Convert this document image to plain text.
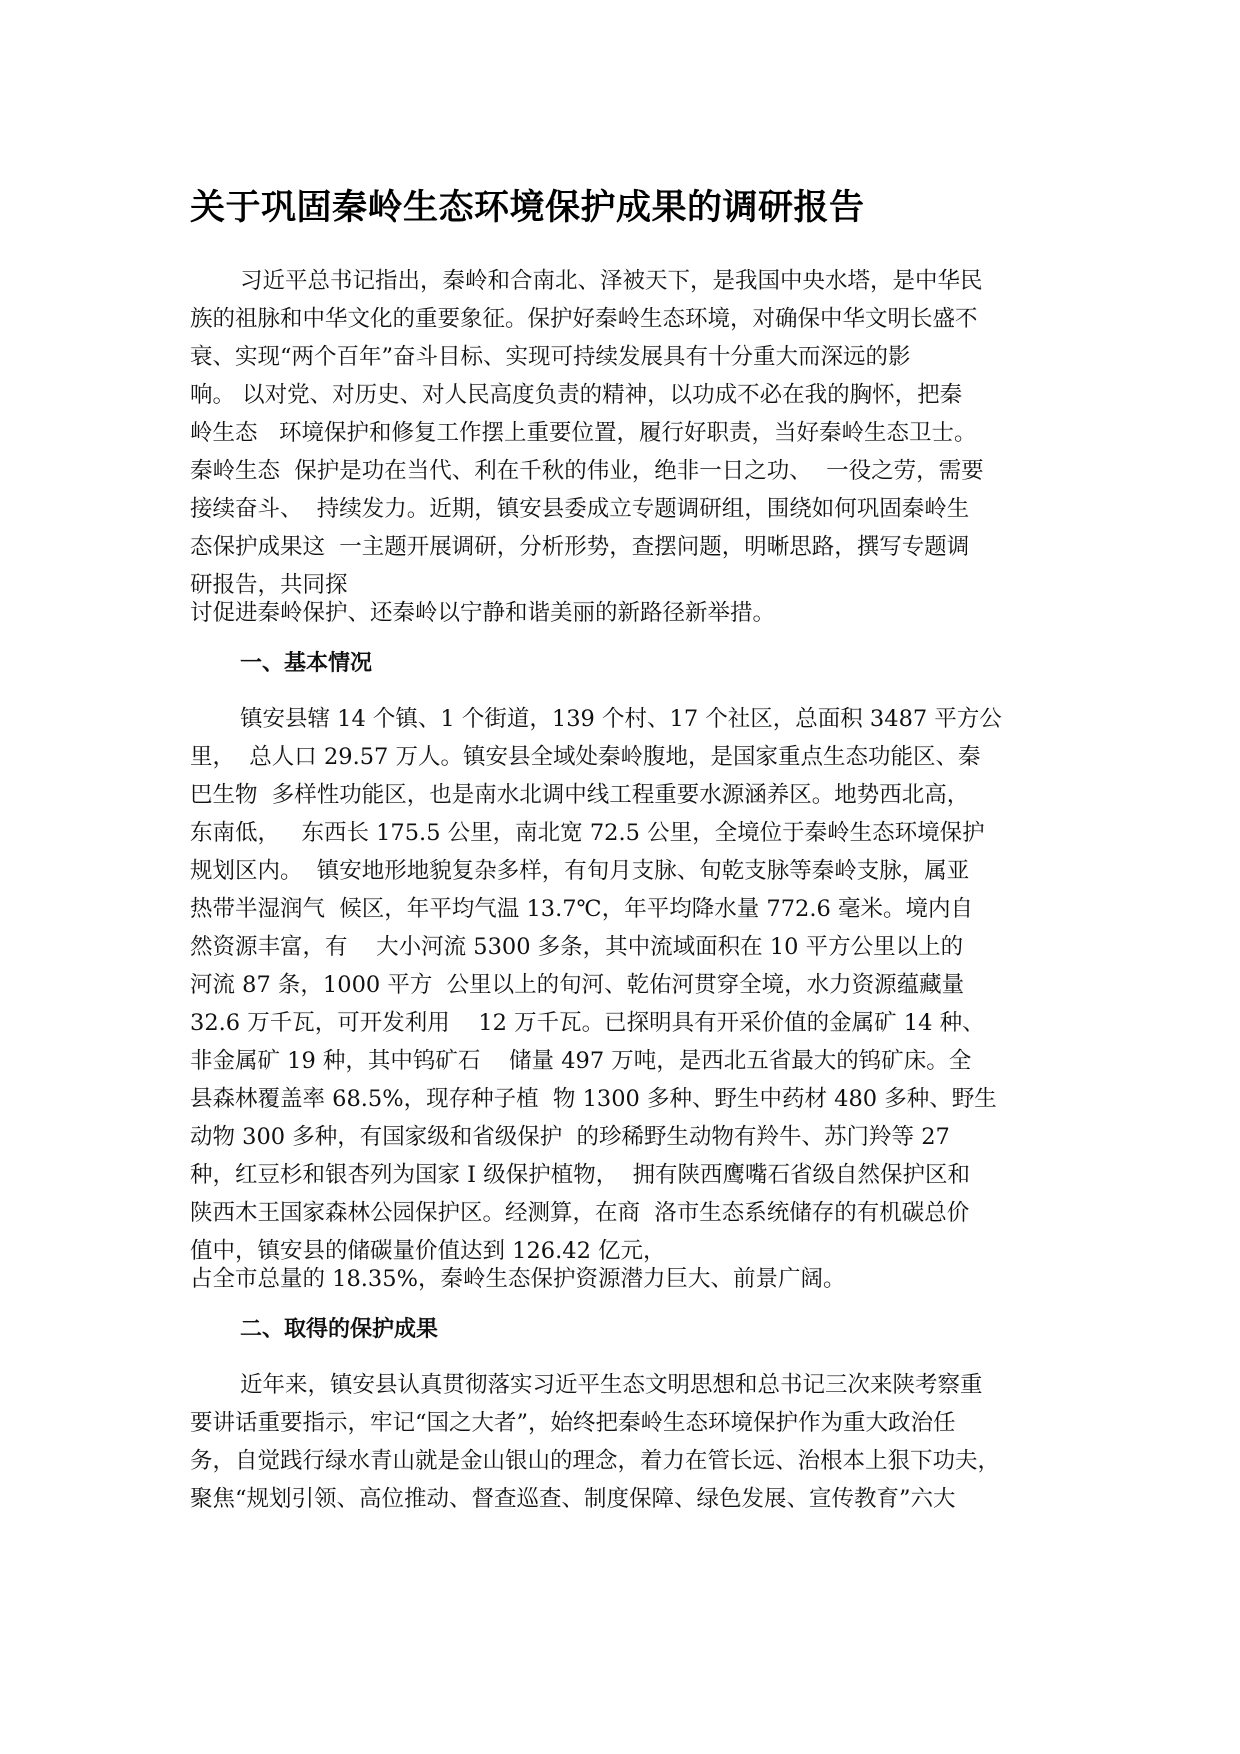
关于巩固秦岭生态环境保护成果的调研报告

习近平总书记指出，秦岭和合南北、泽被天下，是我国中央水塔，是中华民

族的祖脉和中华文化的重要象征。保护好秦岭生态环境，对确保中华文明长盛不

衰、实现“两个百年”奋斗目标、实现可持续发展具有十分重大而深远的影

响。 以对党、对历史、对人民高度负责的精神，以功成不必在我的胸怀，把秦

岭生态   环境保护和修复工作摆上重要位置，履行好职责，当好秦岭生态卫士。

秦岭生态  保护是功在当代、利在千秋的伟业，绝非一日之功、  一役之劳，需要

接续奋斗、  持续发力。近期，镇安县委成立专题调研组，围绕如何巩固秦岭生

态保护成果这  一主题开展调研，分析形势，查摆问题，明晰思路，撰写专题调

研报告，共同探

讨促进秦岭保护、还秦岭以宁静和谐美丽的新路径新举措。

一、基本情况

镇安县辖 14 个镇、1 个街道，139 个村、17 个社区，总面积 3487 平方公

里，  总人口 29.57 万人。镇安县全域处秦岭腹地，是国家重点生态功能区、秦

巴生物  多样性功能区，也是南水北调中线工程重要水源涵养区。地势西北高，

东南低，   东西长 175.5 公里，南北宽 72.5 公里，全境位于秦岭生态环境保护

规划区内。  镇安地形地貌复杂多样，有旬月支脉、旬乾支脉等秦岭支脉，属亚

热带半湿润气  候区，年平均气温 13.7℃，年平均降水量 772.6 毫米。境内自

然资源丰富，有    大小河流 5300 多条，其中流域面积在 10 平方公里以上的

河流 87 条，1000 平方  公里以上的旬河、乾佑河贯穿全境，水力资源蕴藏量

32.6 万千瓦，可开发利用    12 万千瓦。已探明具有开采价值的金属矿 14 种、

非金属矿 19 种，其中钨矿石    储量 497 万吨，是西北五省最大的钨矿床。全

县森林覆盖率 68.5%，现存种子植  物 1300 多种、野生中药材 480 多种、野生

动物 300 多种，有国家级和省级保护  的珍稀野生动物有羚牛、苏门羚等 27

种，红豆杉和银杏列为国家 Ⅰ 级保护植物，  拥有陕西鹰嘴石省级自然保护区和

陕西木王国家森林公园保护区。经测算，在商  洛市生态系统储存的有机碳总价

值中，镇安县的储碳量价值达到 126.42 亿元，

占全市总量的 18.35%，秦岭生态保护资源潜力巨大、前景广阔。

二、取得的保护成果

近年来，镇安县认真贯彻落实习近平生态文明思想和总书记三次来陕考察重

要讲话重要指示，牢记“国之大者”，始终把秦岭生态环境保护作为重大政治任

务，自觉践行绿水青山就是金山银山的理念，着力在管长远、治根本上狠下功夫，

聚焦“规划引领、高位推动、督查巡查、制度保障、绿色发展、宣传教育”六大
